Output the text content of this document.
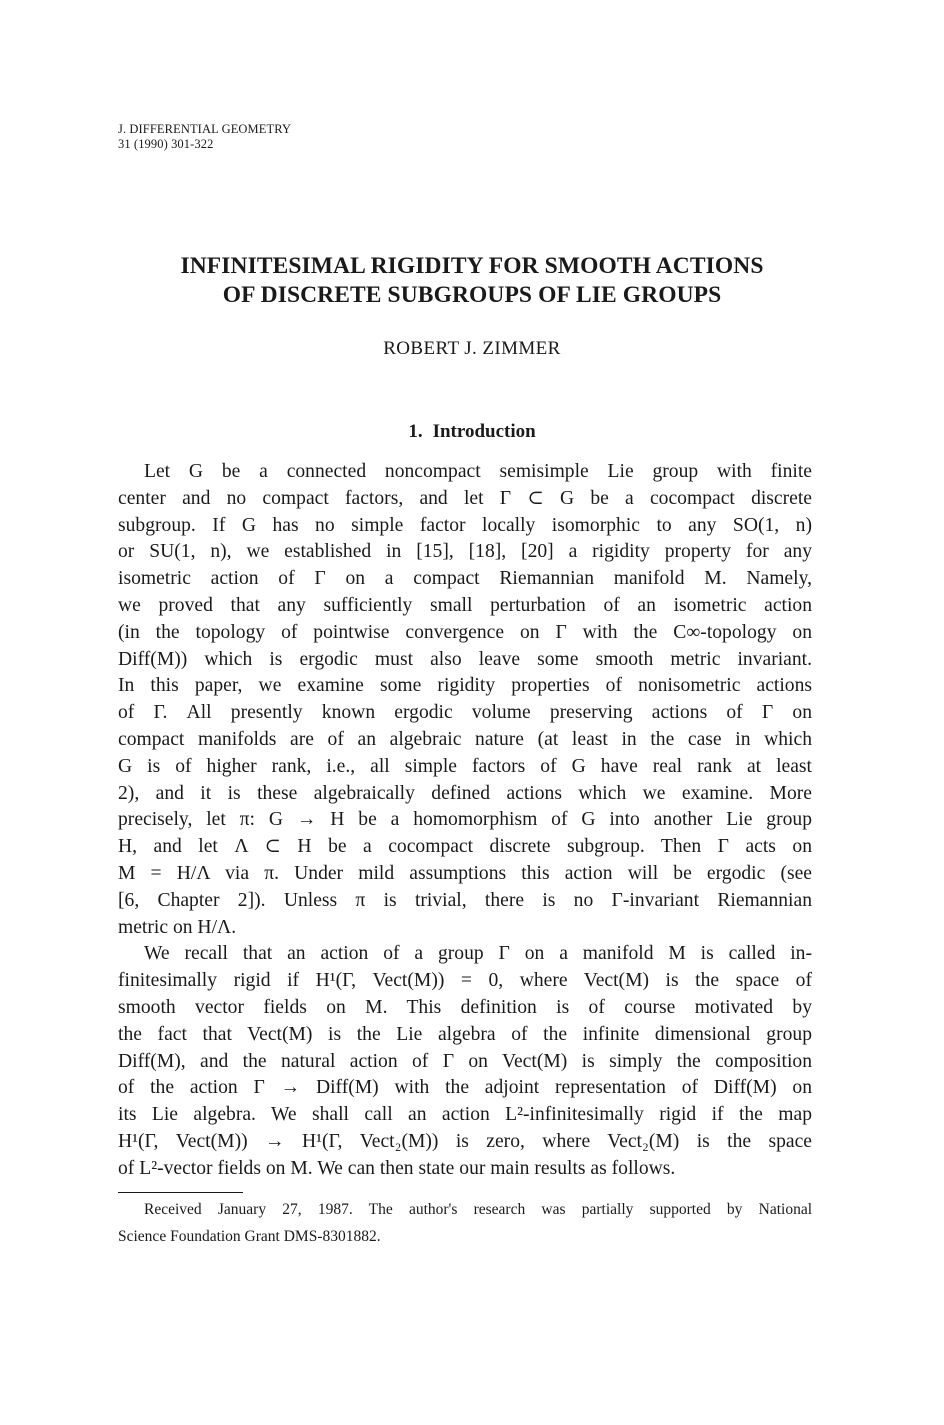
J. DIFFERENTIAL GEOMETRY
31 (1990) 301-322
INFINITESIMAL RIGIDITY FOR SMOOTH ACTIONS
OF DISCRETE SUBGROUPS OF LIE GROUPS
ROBERT J. ZIMMER
1. Introduction
Let G be a connected noncompact semisimple Lie group with finite
center and no compact factors, and let Γ ⊂ G be a cocompact discrete
subgroup. If G has no simple factor locally isomorphic to any SO(1, n)
or SU(1, n), we established in [15], [18], [20] a rigidity property for any
isometric action of Γ on a compact Riemannian manifold M. Namely,
we proved that any sufficiently small perturbation of an isometric action
(in the topology of pointwise convergence on Γ with the C∞-topology on
Diff(M)) which is ergodic must also leave some smooth metric invariant.
In this paper, we examine some rigidity properties of nonisometric actions
of Γ. All presently known ergodic volume preserving actions of Γ on
compact manifolds are of an algebraic nature (at least in the case in which
G is of higher rank, i.e., all simple factors of G have real rank at least
2), and it is these algebraically defined actions which we examine. More
precisely, let π: G → H be a homomorphism of G into another Lie group
H, and let Λ ⊂ H be a cocompact discrete subgroup. Then Γ acts on
M = H/Λ via π. Under mild assumptions this action will be ergodic (see
[6, Chapter 2]). Unless π is trivial, there is no Γ-invariant Riemannian
metric on H/Λ.
We recall that an action of a group Γ on a manifold M is called in-
finitesimally rigid if H¹(Γ, Vect(M)) = 0, where Vect(M) is the space of
smooth vector fields on M. This definition is of course motivated by
the fact that Vect(M) is the Lie algebra of the infinite dimensional group
Diff(M), and the natural action of Γ on Vect(M) is simply the composition
of the action Γ → Diff(M) with the adjoint representation of Diff(M) on
its Lie algebra. We shall call an action L²-infinitesimally rigid if the map
H¹(Γ, Vect(M)) → H¹(Γ, Vect₂(M)) is zero, where Vect₂(M) is the space
of L²-vector fields on M. We can then state our main results as follows.
Received January 27, 1987. The author's research was partially supported by National
Science Foundation Grant DMS-8301882.
